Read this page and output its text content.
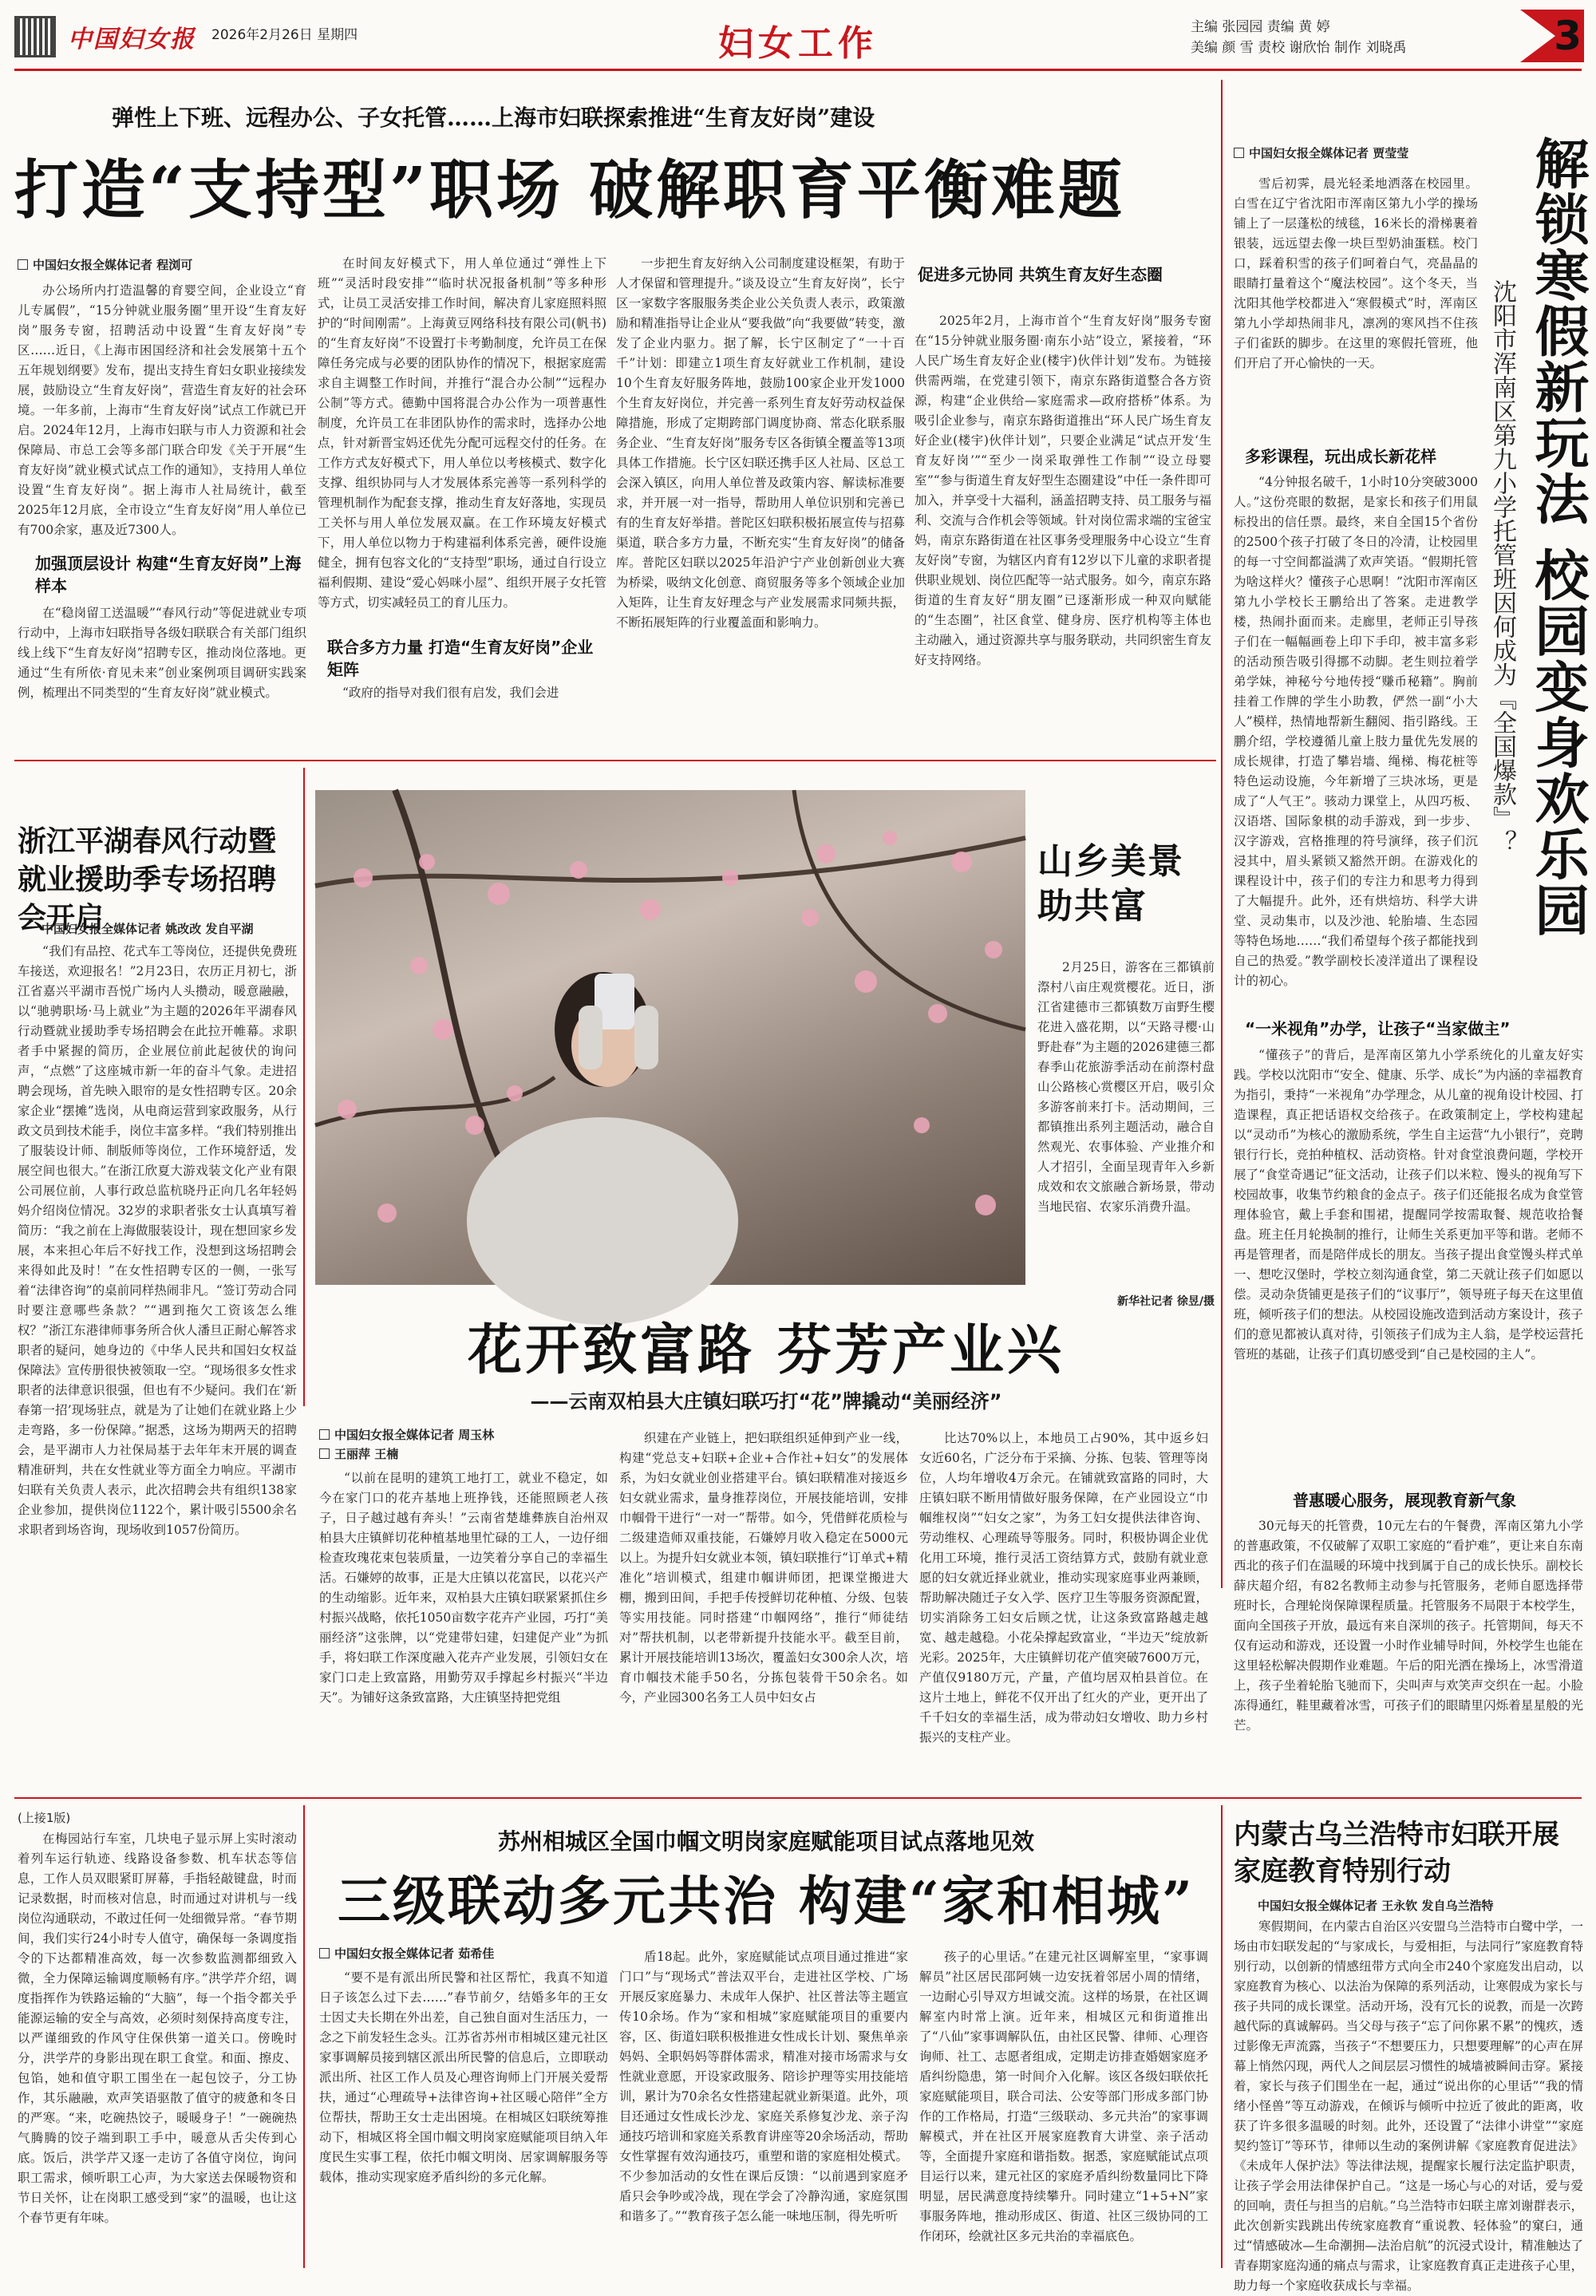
中国妇女报	2026年2月26日 星期四	妇女工作	主编 张园园 责编 黄 婷
美编 颜 雪 责校 谢欣怡 制作 刘晓禹	3
弹性上下班、远程办公、子女托管……上海市妇联探索推进“生育友好岗”建设
打造“支持型”职场 破解职育平衡难题
中国妇女报全媒体记者 程浏可
办公场所内打造温馨的育婴空间，企业设立“育儿专属假”，“15分钟就业服务圈”里开设“生育友好岗”服务专窗，招聘活动中设置“生育友好岗”专区……近日，《上海市困国经济和社会发展第十五个五年规划纲要》发布，提出支持生育妇女职业接续发展，鼓励设立“生育友好岗”，营造生育友好的社会环境。一年多前，上海市“生育友好岗”试点工作就已开启。2024年12月，上海市妇联与市人力资源和社会保障局、市总工会等多部门联合印发《关于开展“生育友好岗”就业模式试点工作的通知》，支持用人单位设置“生育友好岗”。据上海市人社局统计，截至2025年12月底，全市设立“生育友好岗”用人单位已有700余家，惠及近7300人。
加强顶层设计 构建“生育友好岗”上海样本
在“稳岗留工送温暖”“春风行动”等促进就业专项行动中，上海市妇联指导各级妇联联合有关部门组织线上线下“生育友好岗”招聘专区，推动岗位落地。更通过“生有所依·育见未来”创业案例项目调研实践案例，梳理出不同类型的“生育友好岗”就业模式。
在时间友好模式下，用人单位通过“弹性上下班”“灵活时段安排”“临时状况报备机制”等多种形式，让员工灵活安排工作时间，解决育儿家庭照料照护的“时间刚需”。上海黄豆网络科技有限公司(帆书)的“生育友好岗”不设置打卡考勤制度，允许员工在保障任务完成与必要的团队协作的情况下，根据家庭需求自主调整工作时间，并推行“混合办公制”“远程办公制”等方式。德勤中国将混合办公作为一项普惠性制度，允许员工在非团队协作的需求时，选择办公地点，针对新晋宝妈还优先分配可远程交付的任务。在工作方式友好模式下，用人单位以考核模式、数字化支撑、组织协同与人才发展体系完善等一系列科学的管理机制作为配套支撑，推动生育友好落地，实现员工关怀与用人单位发展双赢。在工作环境友好模式下，用人单位以物力于构建福利体系完善，硬件设施健全，拥有包容文化的“支持型”职场，通过自行设立福利假期、建设“爱心妈咪小屋”、组织开展子女托管等方式，切实减轻员工的育儿压力。
联合多方力量 打造“生育友好岗”企业矩阵
“政府的指导对我们很有启发，我们会进
一步把生育友好纳入公司制度建设框架，有助于人才保留和管理提升。”谈及设立“生育友好岗”，长宁区一家数字客服服务类企业公关负责人表示，政策激励和精准指导让企业从“要我做”向“我要做”转变，激发了企业内驱力。据了解，长宁区制定了“一十百千”计划：即建立1项生育友好就业工作机制，建设10个生育友好服务阵地，鼓励100家企业开发1000个生育友好岗位，并完善一系列生育友好劳动权益保障措施，形成了定期跨部门调度协商、常态化联系服务企业、“生育友好岗”服务专区各街镇全覆盖等13项具体工作措施。长宁区妇联还携手区人社局、区总工会深入镇区，向用人单位普及政策内容、解读标准要求，并开展一对一指导，帮助用人单位识别和完善已有的生育友好举措。普陀区妇联积极拓展宣传与招募渠道，联合多方力量，不断充实“生育友好岗”的储备库。普陀区妇联以2025年沿沪宁产业创新创业大赛为桥梁，吸纳文化创意、商贸服务等多个领域企业加入矩阵，让生育友好理念与产业发展需求同频共振，不断拓展矩阵的行业覆盖面和影响力。
促进多元协同 共筑生育友好生态圈
2025年2月，上海市首个“生育友好岗”服务专窗在“15分钟就业服务圈·南东小站”设立，紧接着，“环人民广场生育友好企业(楼宇)伙伴计划”发布。为链接供需两端，在党建引领下，南京东路街道整合各方资源，构建“企业供给—家庭需求—政府搭桥”体系。为吸引企业参与，南京东路街道推出“环人民广场生育友好企业(楼宇)伙伴计划”，只要企业满足“试点开发‘生育友好岗’”“至少一岗采取弹性工作制”“设立母婴室”“参与街道生育友好型生态圈建设”中任一条件即可加入，并享受十大福利，涵盖招聘支持、员工服务与福利、交流与合作机会等领域。针对岗位需求端的宝爸宝妈，南京东路街道在社区事务受理服务中心设立“生育友好岗”专窗，为辖区内育有12岁以下儿童的求职者提供职业规划、岗位匹配等一站式服务。如今，南京东路街道的生育友好“朋友圈”已逐渐形成一种双向赋能的“生态圈”，社区食堂、健身房、医疗机构等主体也主动融入，通过资源共享与服务联动，共同织密生育友好支持网络。
中国妇女报全媒体记者 贾莹莹 解锁寒假新玩法 校园变身欢乐园
沈阳市浑南区第九小学托管班因何成为『全国爆款』？
雪后初霁，晨光轻柔地洒落在校园里。白雪在辽宁省沈阳市浑南区第九小学的操场铺上了一层蓬松的绒毯，16米长的滑梯裹着银装，远远望去像一块巨型奶油蛋糕。校门口，踩着积雪的孩子们呵着白气，亮晶晶的眼睛打量着这个“魔法校园”。这个冬天，当沈阳其他学校都进入“寒假模式”时，浑南区第九小学却热闹非凡，凛冽的寒风挡不住孩子们雀跃的脚步。在这里的寒假托管班，他们开启了开心愉快的一天。
多彩课程，玩出成长新花样
“4分钟报名破千，1小时10分突破3000人。”这份亮眼的数据，是家长和孩子们用鼠标投出的信任票。最终，来自全国15个省份的2500个孩子打破了冬日的冷清，让校园里的每一寸空间都溢满了欢声笑语。“假期托管为啥这样火？懂孩子心思啊！”沈阳市浑南区第九小学校长王鹏给出了答案。走进教学楼，热闹扑面而来。走廊里，老师正引导孩子们在一幅幅画卷上印下手印，被丰富多彩的活动预告吸引得挪不动脚。老生则拉着学弟学妹，神秘兮兮地传授“赚币秘籍”。胸前挂着工作牌的学生小助教，俨然一副“小大人”模样，热情地帮新生翻阅、指引路线。王鹏介绍，学校遵循儿童上肢力量优先发展的成长规律，打造了攀岩墙、绳梯、梅花桩等特色运动设施，今年新增了三块冰场，更是成了“人气王”。骇动力课堂上，从四巧板、汉语塔、国际象棋的动手游戏，到一步步、汉字游戏，宫格推理的符号演绎，孩子们沉浸其中，眉头紧锁又豁然开朗。在游戏化的课程设计中，孩子们的专注力和思考力得到了大幅提升。此外，还有烘焙坊、科学大讲堂、灵动集市，以及沙池、轮胎墙、生态园等特色场地……“我们希望每个孩子都能找到自己的热爱。”教学副校长凌洋道出了课程设计的初心。
“一米视角”办学，让孩子“当家做主”
“懂孩子”的背后，是浑南区第九小学系统化的儿童友好实践。学校以沈阳市“安全、健康、乐学、成长”为内涵的幸福教育为指引，秉持“一米视角”办学理念，从儿童的视角设计校园、打造课程，真正把话语权交给孩子。在政策制定上，学校构建起以“灵动币”为核心的激励系统，学生自主运营“九小银行”，竞聘银行行长，竞拍种植权、活动资格。针对食堂浪费问题，学校开展了“食堂奇遇记”征文活动，让孩子们以米粒、馒头的视角写下校园故事，收集节约粮食的金点子。孩子们还能报名成为食堂管理体验官，戴上手套和围裙，提醒同学按需取餐、规范收拾餐盘。班主任月轮换制的推行，让师生关系更加平等和谐。老师不再是管理者，而是陪伴成长的朋友。当孩子提出食堂馒头样式单一、想吃汉堡时，学校立刻沟通食堂，第二天就让孩子们如愿以偿。灵动杂货铺更是孩子们的“议事厅”，领导班子每天在这里值班，倾听孩子们的想法。从校园设施改造到活动方案设计，孩子们的意见都被认真对待，引领孩子们成为主人翁，是学校运营托管班的基础，让孩子们真切感受到“自己是校园的主人”。
普惠暖心服务，展现教育新气象
30元每天的托管费，10元左右的午餐费，浑南区第九小学的普惠政策，不仅破解了双职工家庭的“看护难”，更让来自东南西北的孩子们在温暖的环境中找到属于自己的成长快乐。副校长薛庆超介绍，有82名教师主动参与托管服务，老师自愿选择带班时长，合理轮岗保障课程质量。托管服务不局限于本校学生，面向全国孩子开放，最远有来自深圳的孩子。托管期间，每天不仅有运动和游戏，还设置一小时作业辅导时间，外校学生也能在这里轻松解决假期作业难题。午后的阳光洒在操场上，冰雪滑道上，孩子坐着轮胎飞驰而下，尖叫声与欢笑声交织在一起。小脸冻得通红，鞋里藏着冰雪，可孩子们的眼睛里闪烁着星星般的光芒。
浙江平湖春风行动暨就业援助季专场招聘会开启
中国妇女报全媒体记者 姚改改 发自平湖
“我们有品控、花式车工等岗位，还提供免费班车接送，欢迎报名！”2月23日，农历正月初七，浙江省嘉兴平湖市吾悦广场内人头攒动，暖意融融，以“驰骋职场·马上就业”为主题的2026年平湖春风行动暨就业援助季专场招聘会在此拉开帷幕。求职者手中紧握的简历，企业展位前此起彼伏的询问声，“点燃”了这座城市新一年的奋斗气象。走进招聘会现场，首先映入眼帘的是女性招聘专区。20余家企业“摆摊”选岗，从电商运营到家政服务，从行政文员到技术能手，岗位丰富多样。“我们特别推出了服装设计师、制版师等岗位，工作环境舒适，发展空间也很大。”在浙江欣夏大游戏装文化产业有限公司展位前，人事行政总监杭晓丹正向几名年轻妈妈介绍岗位情况。32岁的求职者张女士认真填写着简历：“我之前在上海做服装设计，现在想回家乡发展，本来担心年后不好找工作，没想到这场招聘会来得如此及时！”在女性招聘专区的一侧，一张写着“法律咨询”的桌前同样热闹非凡。“签订劳动合同时要注意哪些条款？”“遇到拖欠工资该怎么维权？”浙江东港律师事务所合伙人潘旦正耐心解答求职者的疑问，她身边的《中华人民共和国妇女权益保障法》宣传册很快被领取一空。“现场很多女性求职者的法律意识很强，但也有不少疑问。我们在‘新春第一招’现场驻点，就是为了让她们在就业路上少走弯路，多一份保障。”据悉，这场为期两天的招聘会，是平湖市人力社保局基于去年年末开展的调查精准研判，共在女性就业等方面全力响应。平湖市妇联有关负责人表示，此次招聘会共有组织138家企业参加，提供岗位1122个，累计吸引5500余名求职者到场咨询，现场收到1057份简历。
山乡美景助共富
2月25日，游客在三都镇前漈村八亩庄观赏樱花。近日，浙江省建德市三都镇数万亩野生樱花进入盛花期，以“天路寻樱·山野赴春”为主题的2026建德三都春季山花旅游季活动在前漈村盘山公路核心赏樱区开启，吸引众多游客前来打卡。活动期间，三都镇推出系列主题活动，融合自然观光、农事体验、产业推介和人才招引，全面呈现青年入乡新成效和农文旅融合新场景，带动当地民宿、农家乐消费升温。
新华社记者 徐昱/摄
花开致富路 芬芳产业兴
——云南双柏县大庄镇妇联巧打“花”牌撬动“美丽经济”
中国妇女报全媒体记者 周玉林
王丽萍 王楠
“以前在昆明的建筑工地打工，就业不稳定，如今在家门口的花卉基地上班挣钱，还能照顾老人孩子，日子越过越有奔头！”云南省楚雄彝族自治州双柏县大庄镇鲜切花种植基地里忙碌的工人，一边仔细检查玫瑰花束包装质量，一边笑着分享自己的幸福生活。石嫌婷的故事，正是大庄镇以花富民，以花兴产的生动缩影。近年来，双柏县大庄镇妇联紧紧抓住乡村振兴战略，依托1050亩数字花卉产业园，巧打“美丽经济”这张牌，以“党建带妇建，妇建促产业”为抓手，将妇联工作深度融入花卉产业发展，引领妇女在家门口走上致富路，用勤劳双手撑起乡村振兴“半边天”。为铺好这条致富路，大庄镇坚持把党组
织建在产业链上，把妇联组织延伸到产业一线，构建“党总支+妇联+企业+合作社+妇女”的发展体系，为妇女就业创业搭建平台。镇妇联精准对接返乡妇女就业需求，量身推荐岗位，开展技能培训，安排巾帼骨干进行“一对一”帮带。如今，凭借鲜花质检与二级建造师双重技能，石嫌婷月收入稳定在5000元以上。为提升妇女就业本领，镇妇联推行“订单式+精准化”培训模式，组建巾帼讲师团，把课堂搬进大棚，搬到田间，手把手传授鲜切花种植、分级、包装等实用技能。同时搭建“巾帼网络”，推行“师徒结对”帮扶机制，以老带新提升技能水平。截至目前，累计开展技能培训13场次，覆盖妇女300余人次，培育巾帼技术能手50名，分拣包装骨干50余名。如今，产业园300名务工人员中妇女占
比达70%以上，本地员工占90%，其中返乡妇女近60名，广泛分布于采摘、分拣、包装、管理等岗位，人均年增收4万余元。在铺就致富路的同时，大庄镇妇联不断用情做好服务保障，在产业园设立“巾帼维权岗”“妇女之家”，为务工妇女提供法律咨询、劳动维权、心理疏导等服务。同时，积极协调企业优化用工环境，推行灵活工资结算方式，鼓励有就业意愿的妇女就近择业就业，推动实现家庭事业两兼顾，帮助解决随迁子女入学、医疗卫生等服务资源配置，切实消除务工妇女后顾之忧，让这条致富路越走越宽、越走越稳。小花朵撑起致富业，“半边天”绽放新光彩。2025年，大庄镇鲜切花产值突破7600万元，产值仅9180万元，产量，产值均居双柏县首位。在这片土地上，鲜花不仅开出了红火的产业，更开出了千千妇女的幸福生活，成为带动妇女增收、助力乡村振兴的支柱产业。
(上接1版)
在梅园站行车室，几块电子显示屏上实时滚动着列车运行轨迹、线路设备参数、机车状态等信息，工作人员双眼紧盯屏幕，手指轻敲键盘，时而记录数据，时而核对信息，时而通过对讲机与一线岗位沟通联动，不敢过任何一处细微异常。“春节期间，我们实行24小时专人值守，确保每一条调度指令的下达都精准高效，每一次参数监测都细致入微，全力保障运输调度顺畅有序。”洪学芹介绍，调度指挥作为铁路运输的“大脑”，每一个指令都关乎能源运输的安全与高效，必须时刻保持高度专注，以严谨细致的作风守住保供第一道关口。傍晚时分，洪学芹的身影出现在职工食堂。和面、擦皮、包馅，她和值守职工围坐在一起包饺子，分工协作，其乐融融，欢声笑语驱散了值守的疲惫和冬日的严寒。“来，吃碗热饺子，暖暖身子！”一碗碗热气腾腾的饺子端到职工手中，暖意从舌尖传到心底。饭后，洪学芹又逐一走访了各值守岗位，询问职工需求，倾听职工心声，为大家送去保暖物资和节日关怀，让在岗职工感受到“家”的温暖，也让这个春节更有年味。
苏州相城区全国巾帼文明岗家庭赋能项目试点落地见效
三级联动多元共治 构建“家和相城”
中国妇女报全媒体记者 茹希佳
“要不是有派出所民警和社区帮忙，我真不知道日子该怎么过下去……”春节前夕，结婚多年的王女士因丈夫长期在外出差，自己独自面对生活压力，一念之下前发轻生念头。江苏省苏州市相城区建元社区家事调解员接到辖区派出所民警的信息后，立即联动派出所、社区工作人员及心理咨询师上门开展关爱帮扶，通过“心理疏导+法律咨询+社区暖心陪伴”全方位帮扶，帮助王女士走出困境。在相城区妇联统筹推动下，相城区将全国巾帼文明岗家庭赋能项目纳入年度民生实事工程，依托巾帼文明岗、居家调解服务等载体，推动实现家庭矛盾纠纷的多元化解。
盾18起。此外，家庭赋能试点项目通过推进“家门口”与“现场式”普法双平台，走进社区学校、广场开展反家庭暴力、未成年人保护、社区普法等主题宣传10余场。作为“家和相城”家庭赋能项目的重要内容，区、街道妇联积极推进女性成长计划、聚焦单亲妈妈、全职妈妈等群体需求，精准对接市场需求与女性就业意愿，开设家政服务、陪诊护理等实用技能培训，累计为70余名女性搭建起就业新渠道。此外，项目还通过女性成长沙龙、家庭关系修复沙龙、亲子沟通技巧培训和家庭关系教育讲座等20余场活动，帮助女性掌握有效沟通技巧，重塑和谐的家庭相处模式。不少参加活动的女性在课后反馈：“以前遇到家庭矛盾只会争吵或冷战，现在学会了冷静沟通，家庭氛围和谐多了。”“教育孩子怎么能一味地压制，得先听听
孩子的心里话。”在建元社区调解室里，“家事调解员”社区居民邵阿姨一边安抚着邻居小周的情绪，一边耐心引导双方坦诚交流。这样的场景，在社区调解室内时常上演。近年来，相城区元和街道推出了“八仙”家事调解队伍，由社区民警、律师、心理咨询师、社工、志愿者组成，定期走访排查婚姻家庭矛盾纠纷隐患，第一时间介入化解。该区各级妇联依托家庭赋能项目，联合司法、公安等部门形成多部门协作的工作格局，打造“三级联动、多元共治”的家事调解模式，并在社区开展家庭教育大讲堂、亲子活动等，全面提升家庭和谐指数。据悉，家庭赋能试点项目运行以来，建元社区的家庭矛盾纠纷数量同比下降明显，居民满意度持续攀升。同时建立“1+5+N”家事服务阵地，推动形成区、街道、社区三级协同的工作闭环，绘就社区多元共治的幸福底色。
内蒙古乌兰浩特市妇联开展家庭教育特别行动
中国妇女报全媒体记者 王永钦 发自乌兰浩特
寒假期间，在内蒙古自治区兴安盟乌兰浩特市白鹭中学，一场由市妇联发起的“与家成长，与爱相拒，与法同行”家庭教育特别行动，以创新的情感纽带方式向全市240个家庭发出启动，以家庭教育为核心、以法治为保障的系列活动，让寒假成为家长与孩子共同的成长课堂。活动开场，没有冗长的说教，而是一次跨越代际的真诚解码。当父母与孩子“忘了问你累不累”的愧疚，透过影像无声流露，当孩子“不想要压力，只想要理解”的心声在屏幕上悄然闪现，两代人之间层层习惯性的城墙被瞬间击穿。紧接着，家长与孩子们围坐在一起，通过“说出你的心里话”“我的情绪小怪兽”等互动游戏，在倾诉与倾听中拉近了彼此的距离，收获了许多很多温暖的时刻。此外，还设置了“法律小讲堂”“家庭契约签订”等环节，律师以生动的案例讲解《家庭教育促进法》《未成年人保护法》等法律法规，提醒家长履行法定监护职责，让孩子学会用法律保护自己。“这是一场心与心的对话，爱与爱的回响，责任与担当的启航。”乌兰浩特市妇联主席刘谢群表示，此次创新实践跳出传统家庭教育“重说教、轻体验”的窠臼，通过“情感破冰—生命潮拥—法治启航”的沉浸式设计，精准触达了青春期家庭沟通的痛点与需求，让家庭教育真正走进孩子心里，助力每一个家庭收获成长与幸福。
